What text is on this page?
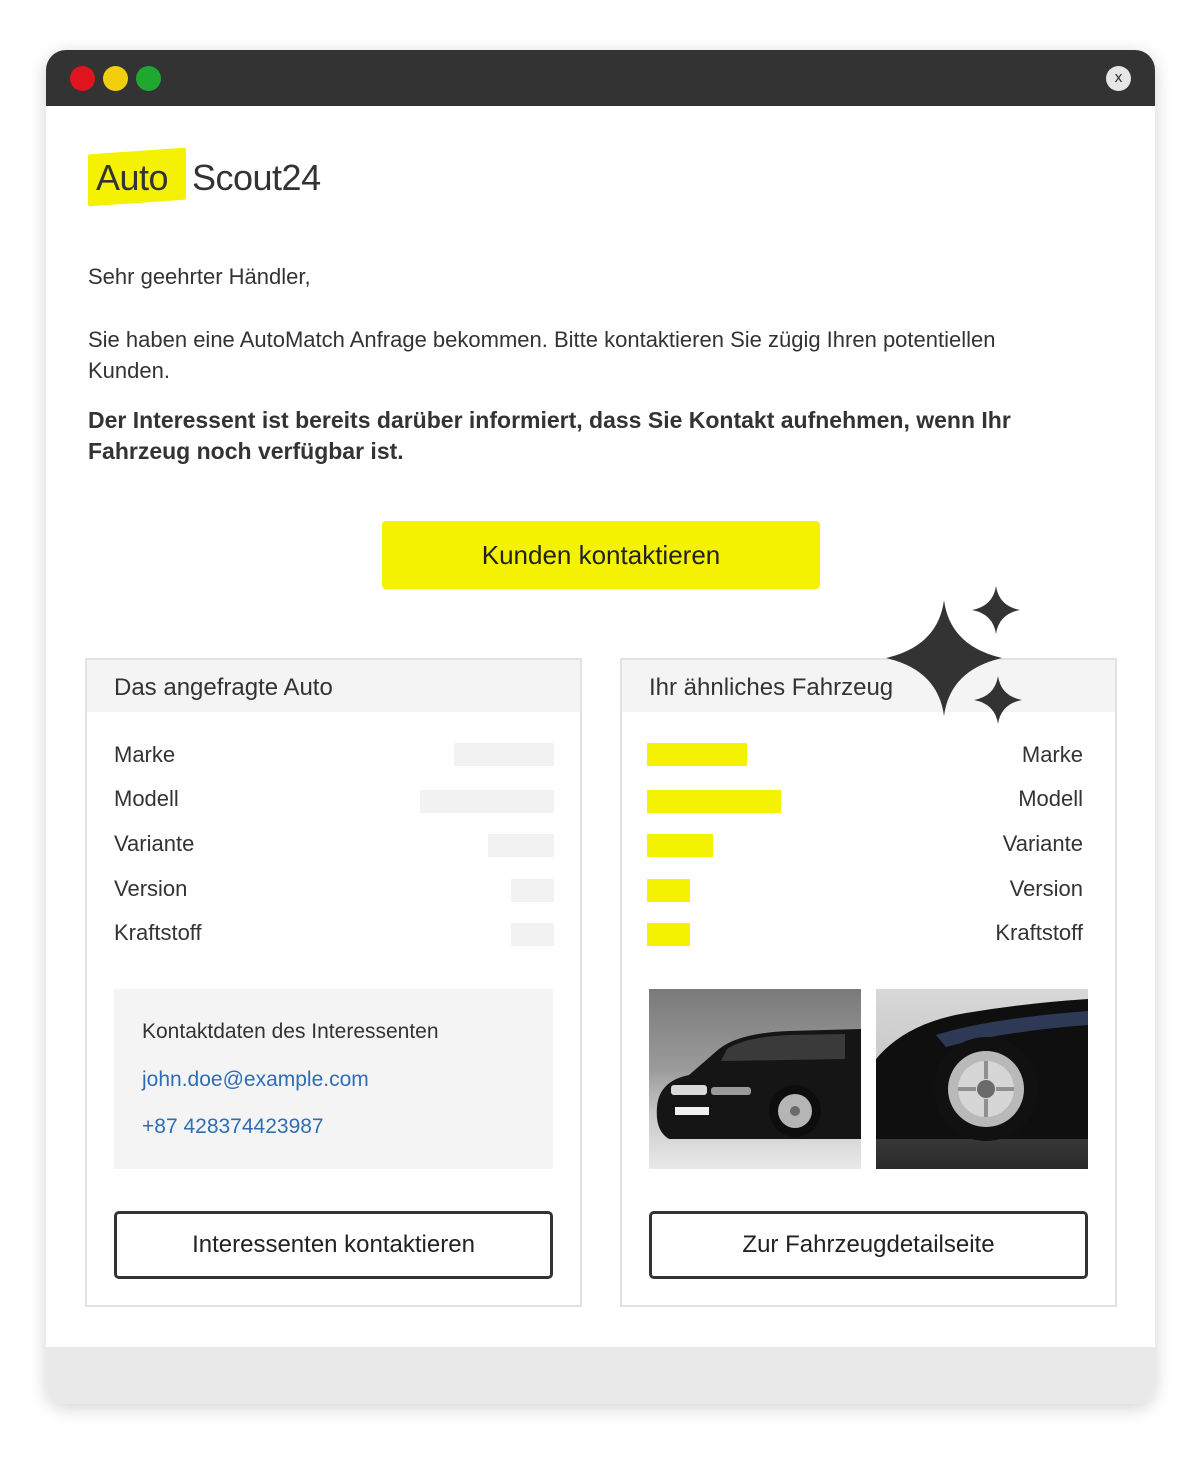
x
Auto Scout24

Sehr geehrter Händler,

Sie haben eine AutoMatch Anfrage bekommen. Bitte kontaktieren Sie zügig Ihren potentiellen Kunden.

Der Interessent ist bereits darüber informiert, dass Sie Kontakt aufnehmen, wenn Ihr Fahrzeug noch verfügbar ist.

Kunden kontaktieren
Das angefragte Auto
Marke
Modell
Variante
Version
Kraftstoff
Kontaktdaten des Interessenten
john.doe@example.com
+87 428374423987
Interessenten kontaktieren
Ihr ähnliches Fahrzeug
Marke
Modell
Variante
Version
Kraftstoff
Zur Fahrzeugdetailseite
